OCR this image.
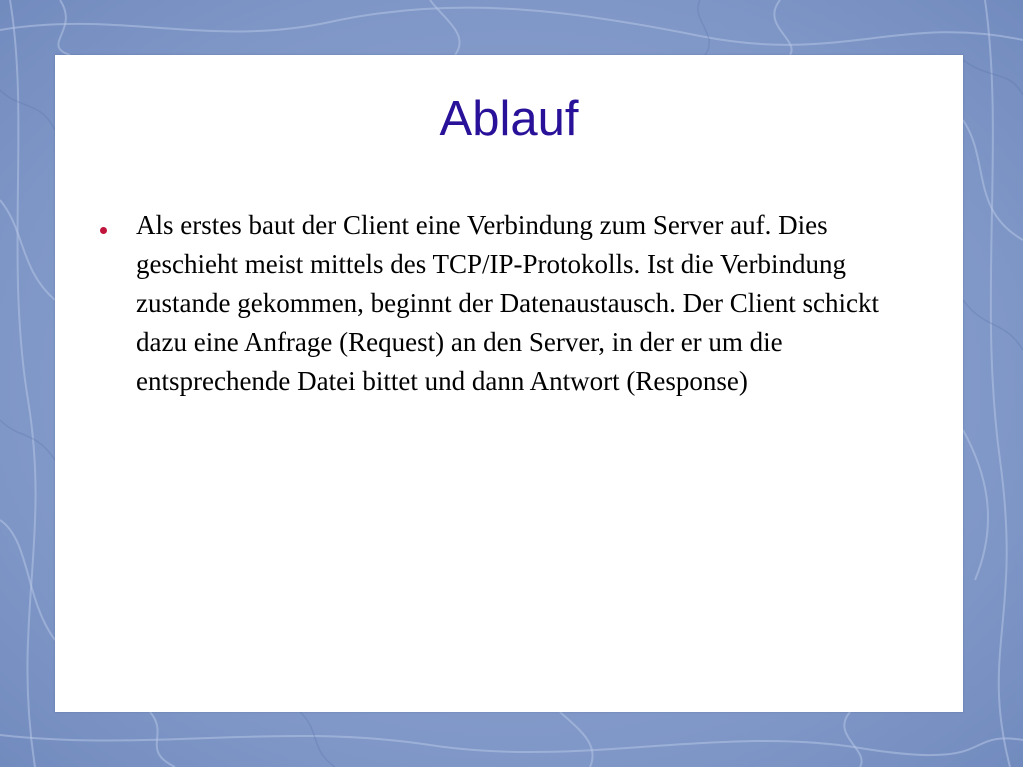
Ablauf
Als erstes baut der Client eine Verbindung zum Server auf. Dies geschieht meist mittels des TCP/IP-Protokolls. Ist die Verbindung zustande gekommen, beginnt der Datenaustausch. Der Client schickt dazu eine Anfrage (Request) an den Server, in der er um die entsprechende Datei bittet und dann Antwort (Response)
